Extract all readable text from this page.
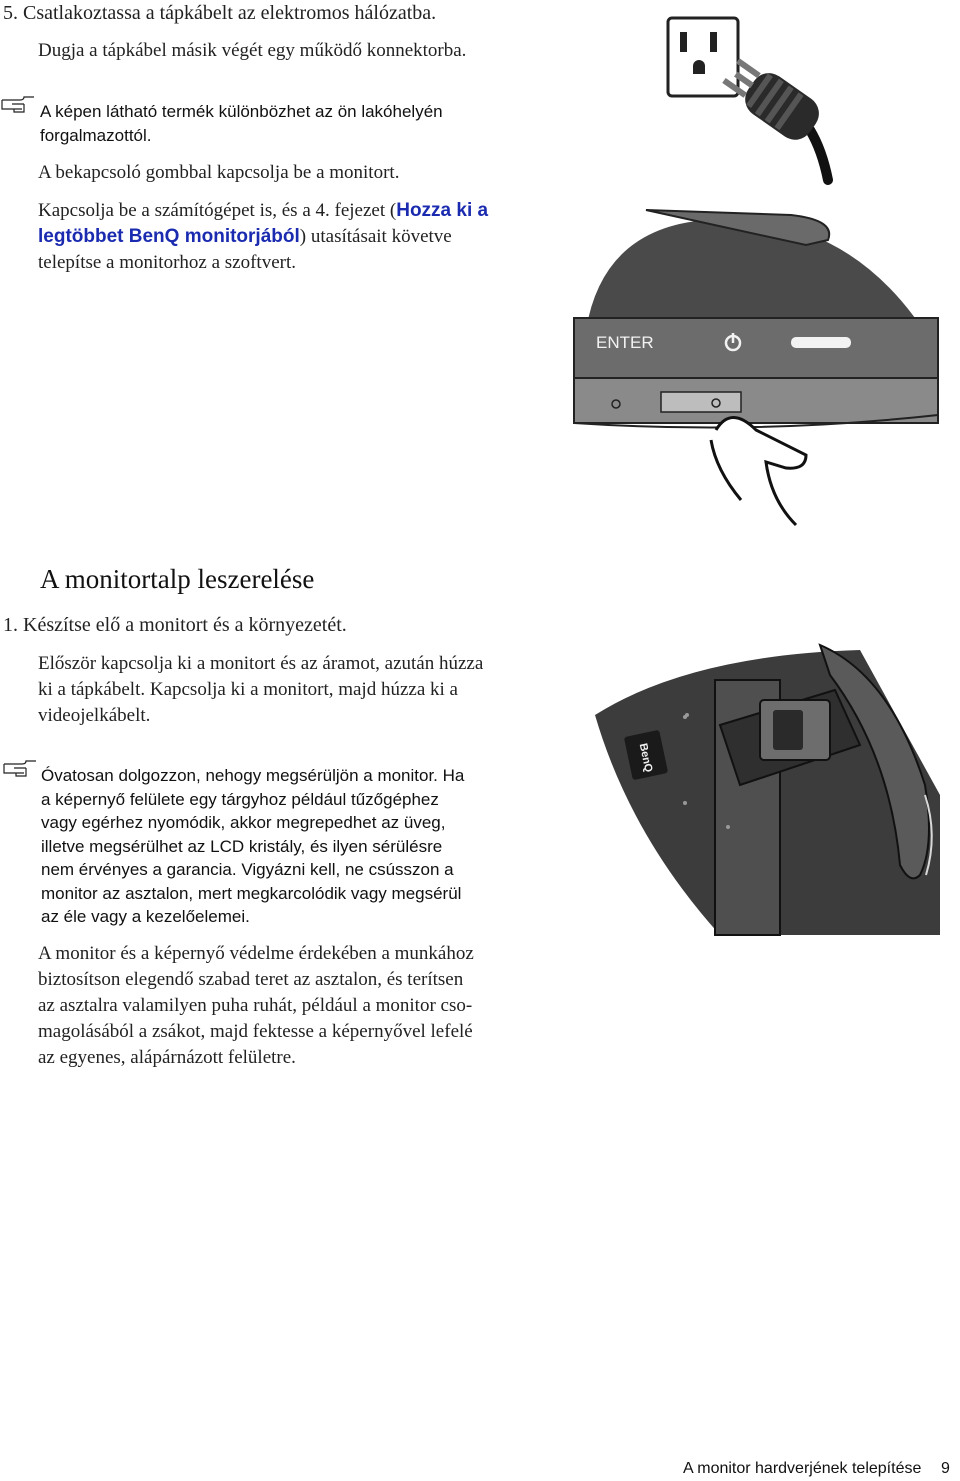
5. Csatlakoztassa a tápkábelt az elektromos hálózatba.
Dugja a tápkábel másik végét egy működő konnektorba.
A képen látható termék különbözhet az ön lakóhelyén
forgalmazottól.
A bekapcsoló gombbal kapcsolja be a monitort.
Kapcsolja be a számítógépet is, és a 4. fejezet (Hozza ki a
legtöbbet BenQ monitorjából) utasításait követve
telepítse a monitorhoz a szoftvert.
ENTER
A monitortalp leszerelése
1. Készítse elő a monitort és a környezetét.
Először kapcsolja ki a monitort és az áramot, azután húzza
ki a tápkábelt. Kapcsolja ki a monitort, majd húzza ki a
videojelkábelt.
Óvatosan dolgozzon, nehogy megsérüljön a monitor. Ha
a képernyő felülete egy tárgyhoz például tűzőgéphez
vagy egérhez nyomódik, akkor megrepedhet az üveg,
illetve megsérülhet az LCD kristály, és ilyen sérülésre
nem érvényes a garancia. Vigyázni kell, ne csússzon a
monitor az asztalon, mert megkarcolódik vagy megsérül
az éle vagy a kezelőelemei.
A monitor és a képernyő védelme érdekében a munkához
biztosítson elegendő szabad teret az asztalon, és terítsen
az asztalra valamilyen puha ruhát, például a monitor cso-
magolásából a zsákot, majd fektesse a képernyővel lefelé
az egyenes, alápárnázott felületre.
BenQ
A monitor hardverjének telepítése 9
